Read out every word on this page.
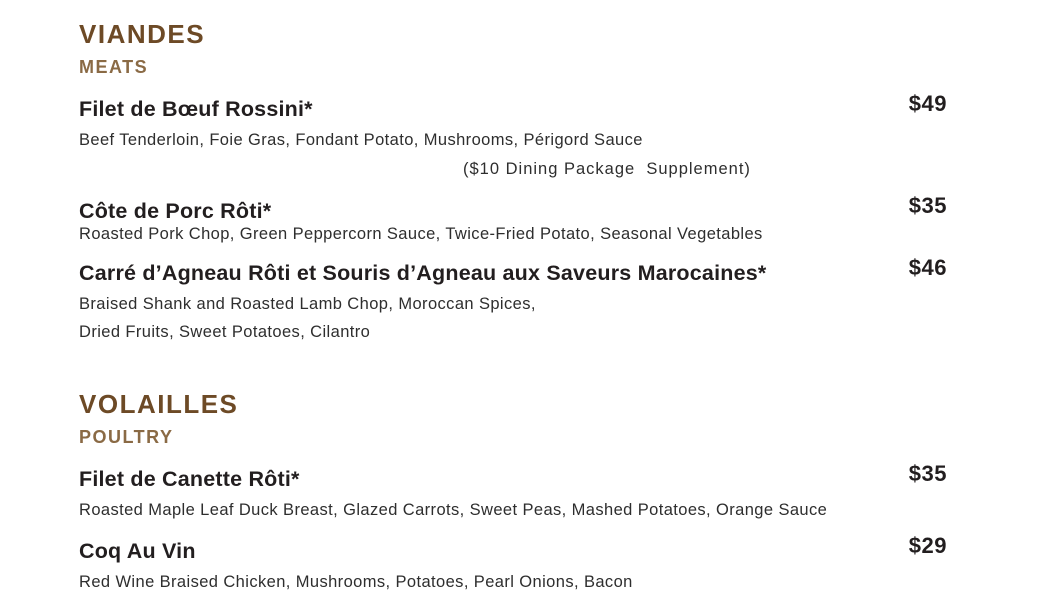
VIANDES
MEATS
Filet de Bœuf Rossini*	$49

Beef Tenderloin, Foie Gras, Fondant Potato, Mushrooms, Périgord Sauce

($10 Dining Package  Supplement)

Côte de Porc Rôti*	$35

Roasted Pork Chop, Green Peppercorn Sauce, Twice-Fried Potato, Seasonal Vegetables

Carré d’Agneau Rôti et Souris d’Agneau aux Saveurs Marocaines*	$46

Braised Shank and Roasted Lamb Chop, Moroccan Spices,

Dried Fruits, Sweet Potatoes, Cilantro

VOLAILLES
POULTRY
Filet de Canette Rôti*	$35

Roasted Maple Leaf Duck Breast, Glazed Carrots, Sweet Peas, Mashed Potatoes, Orange Sauce

Coq Au Vin	$29

Red Wine Braised Chicken, Mushrooms, Potatoes, Pearl Onions, Bacon
